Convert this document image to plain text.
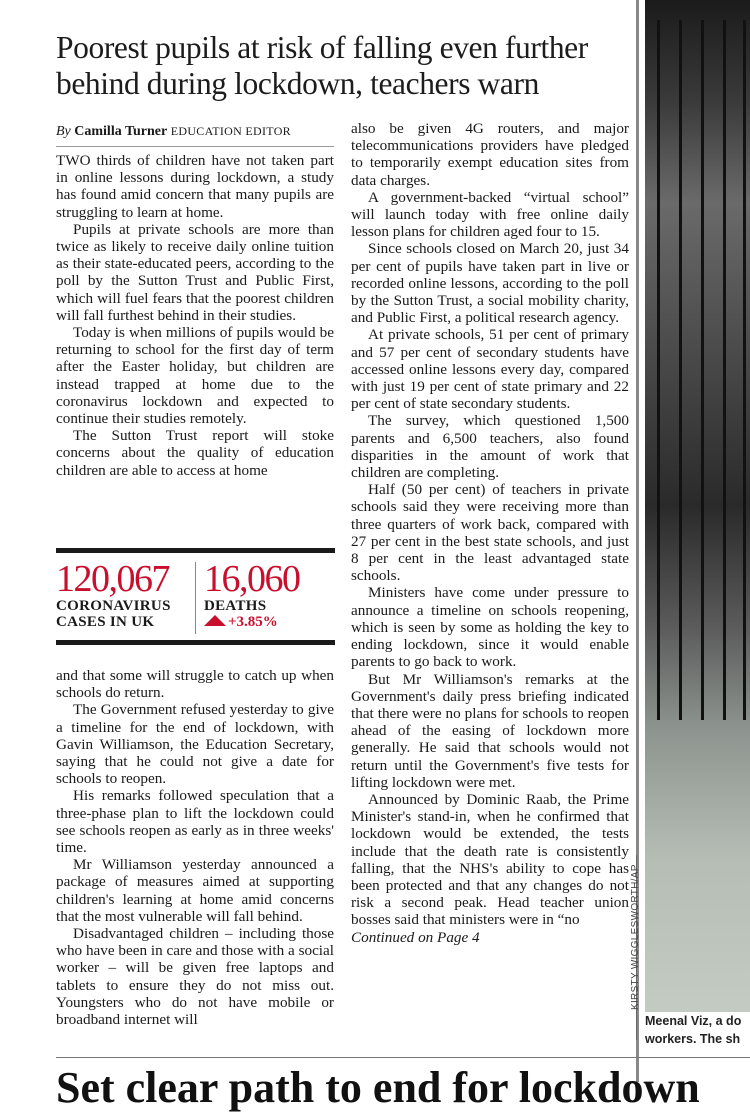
Poorest pupils at risk of falling even further behind during lockdown, teachers warn
By Camilla Turner EDUCATION EDITOR

TWO thirds of children have not taken part in online lessons during lockdown, a study has found amid concern that many pupils are struggling to learn at home.

Pupils at private schools are more than twice as likely to receive daily online tuition as their state-educated peers, according to the poll by the Sutton Trust and Public First, which will fuel fears that the poorest children will fall furthest behind in their studies.

Today is when millions of pupils would be returning to school for the first day of term after the Easter holiday, but children are instead trapped at home due to the coronavirus lockdown and expected to continue their studies remotely.

The Sutton Trust report will stoke concerns about the quality of education children are able to access at home

120,067
CORONAVIRUS
CASES IN UK
16,060
DEATHS
+3.85%

and that some will struggle to catch up when schools do return.

The Government refused yesterday to give a timeline for the end of lockdown, with Gavin Williamson, the Education Secretary, saying that he could not give a date for schools to reopen.

His remarks followed speculation that a three-phase plan to lift the lockdown could see schools reopen as early as in three weeks' time.

Mr Williamson yesterday announced a package of measures aimed at supporting children's learning at home amid concerns that the most vulnerable will fall behind.

Disadvantaged children – including those who have been in care and those with a social worker – will be given free laptops and tablets to ensure they do not miss out. Youngsters who do not have mobile or broadband internet will

also be given 4G routers, and major telecommunications providers have pledged to temporarily exempt education sites from data charges.

A government-backed “virtual school” will launch today with free online daily lesson plans for children aged four to 15.

Since schools closed on March 20, just 34 per cent of pupils have taken part in live or recorded online lessons, according to the poll by the Sutton Trust, a social mobility charity, and Public First, a political research agency.

At private schools, 51 per cent of primary and 57 per cent of secondary students have accessed online lessons every day, compared with just 19 per cent of state primary and 22 per cent of state secondary students.

The survey, which questioned 1,500 parents and 6,500 teachers, also found disparities in the amount of work that children are completing.

Half (50 per cent) of teachers in private schools said they were receiving more than three quarters of work back, compared with 27 per cent in the best state schools, and just 8 per cent in the least advantaged state schools.

Ministers have come under pressure to announce a timeline on schools reopening, which is seen by some as holding the key to ending lockdown, since it would enable parents to go back to work.

But Mr Williamson's remarks at the Government's daily press briefing indicated that there were no plans for schools to reopen ahead of the easing of lockdown more generally. He said that schools would not return until the Government's five tests for lifting lockdown were met.

Announced by Dominic Raab, the Prime Minister's stand-in, when he confirmed that lockdown would be extended, the tests include that the death rate is consistently falling, that the NHS's ability to cope has been protected and that any changes do not risk a second peak. Head teacher union bosses said that ministers were in “no

Continued on Page 4	KIRSTY WIGGLESWORTH/AP
Meenal Viz, a do
workers. The sh
Set clear path to end for lockdown
